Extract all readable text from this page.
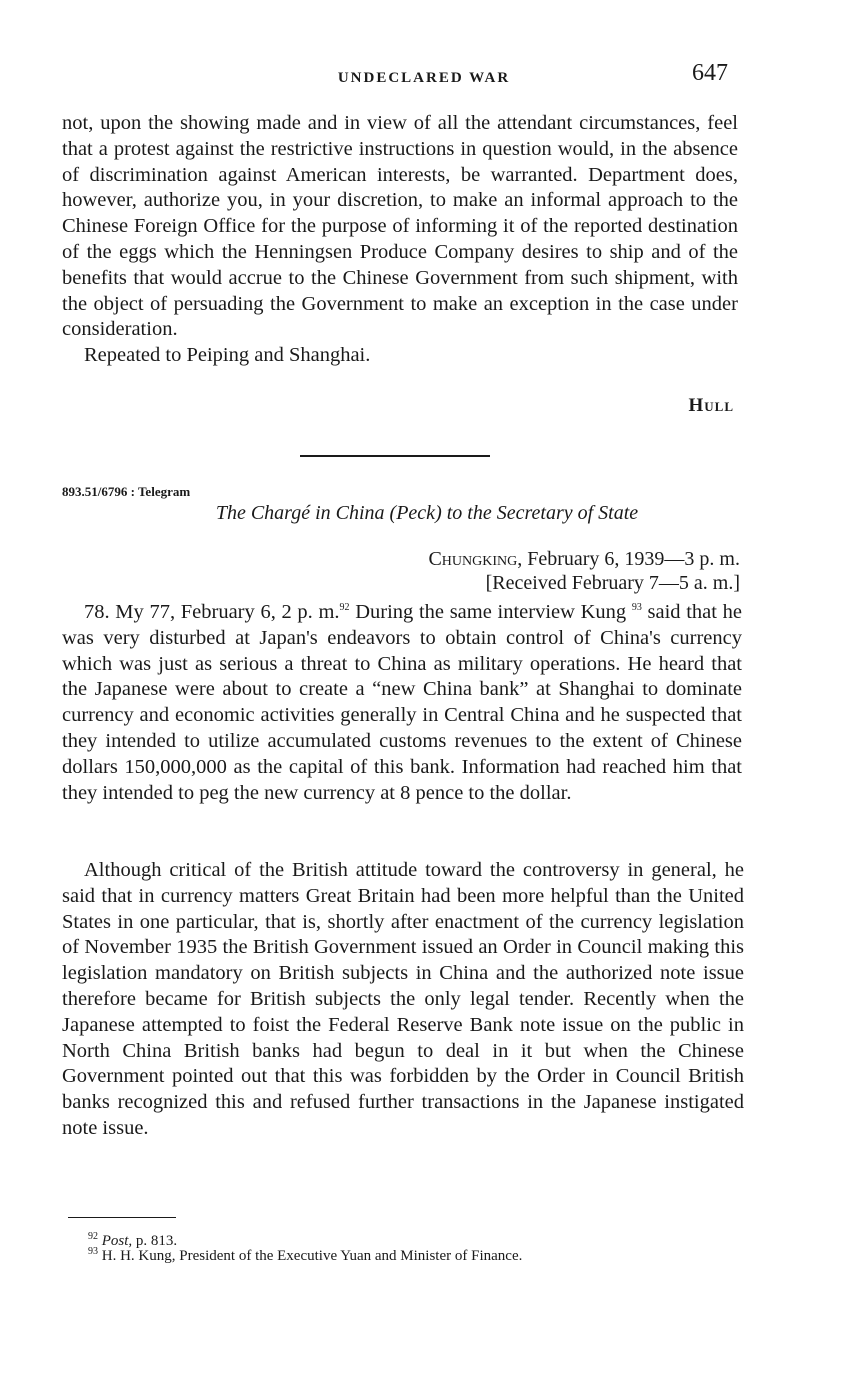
UNDECLARED WAR	647
not, upon the showing made and in view of all the attendant circumstances, feel that a protest against the restrictive instructions in question would, in the absence of discrimination against American interests, be warranted. Department does, however, authorize you, in your discretion, to make an informal approach to the Chinese Foreign Office for the purpose of informing it of the reported destination of the eggs which the Henningsen Produce Company desires to ship and of the benefits that would accrue to the Chinese Government from such shipment, with the object of persuading the Government to make an exception in the case under consideration.
Repeated to Peiping and Shanghai.
Hull
893.51/6796 : Telegram
The Chargé in China (Peck) to the Secretary of State
Chungking, February 6, 1939—3 p. m.
[Received February 7—5 a. m.]
78. My 77, February 6, 2 p. m.$^{92}$ During the same interview Kung $^{93}$ said that he was very disturbed at Japan's endeavors to obtain control of China's currency which was just as serious a threat to China as military operations. He heard that the Japanese were about to create a “new China bank” at Shanghai to dominate currency and economic activities generally in Central China and he suspected that they intended to utilize accumulated customs revenues to the extent of Chinese dollars 150,000,000 as the capital of this bank. Information had reached him that they intended to peg the new currency at 8 pence to the dollar.
Although critical of the British attitude toward the controversy in general, he said that in currency matters Great Britain had been more helpful than the United States in one particular, that is, shortly after enactment of the currency legislation of November 1935 the British Government issued an Order in Council making this legislation mandatory on British subjects in China and the authorized note issue therefore became for British subjects the only legal tender. Recently when the Japanese attempted to foist the Federal Reserve Bank note issue on the public in North China British banks had begun to deal in it but when the Chinese Government pointed out that this was forbidden by the Order in Council British banks recognized this and refused further transactions in the Japanese instigated note issue.
$^{92}$ Post, p. 813.
$^{93}$ H. H. Kung, President of the Executive Yuan and Minister of Finance.
